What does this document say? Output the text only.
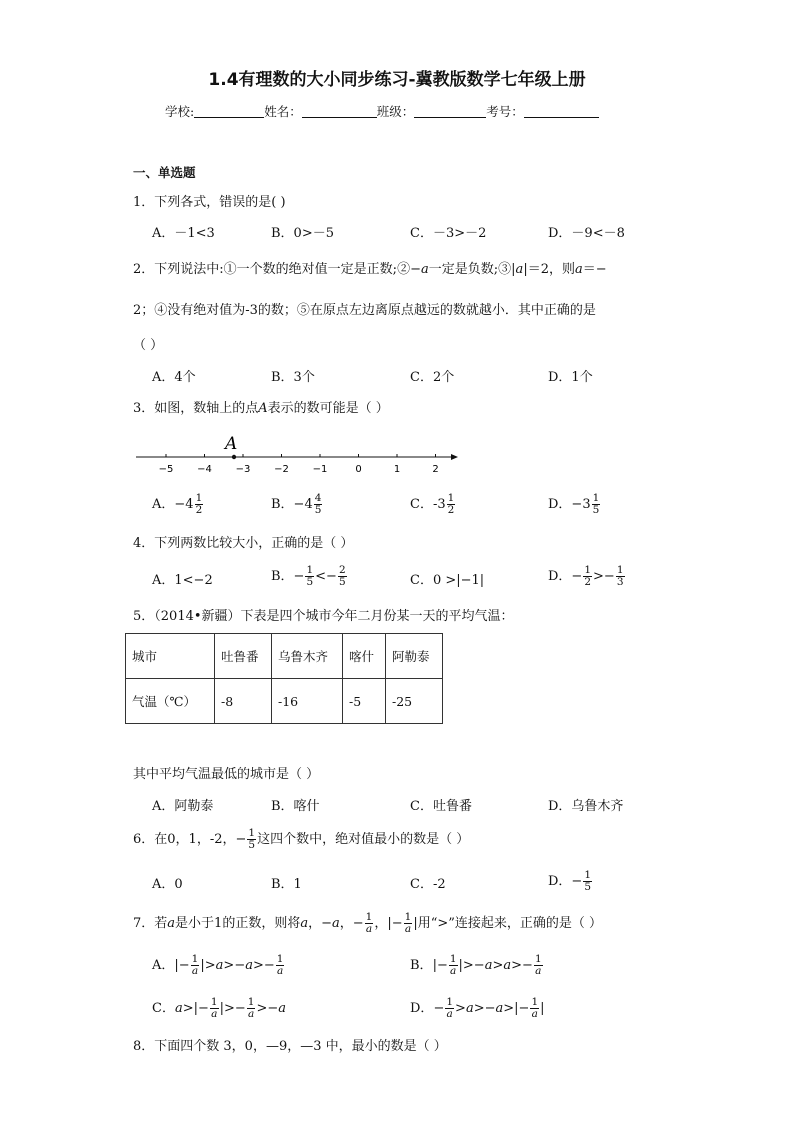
1.4有理数的大小同步练习-冀教版数学七年级上册
学校:	姓名：	班级：	考号：
一、单选题
1．下列各式，错误的是( )
A．－1<3	B．0>－5	C．－3>－2	D．－9<－8
2．下列说法中:①一个数的绝对值一定是正数;②−a一定是负数;③|a|＝2，则a＝−
2；④没有绝对值为-3的数；⑤在原点左边离原点越远的数就越小．其中正确的是
（ ）
A．4个	B．3个	C．2个	D．1个
3．如图，数轴上的点A表示的数可能是（ ）
−5 −4 −3 −2 −1	0	1	2
A
A．$-4 \frac{1}{2}$	B．$-4 \frac{4}{5}$	C．$-3 \frac{1}{2}$	D．$-3 \frac{1}{5}$
4．下列两数比较大小，正确的是（ ）
A．1<−2	B．− $\frac{1}{5} <- \frac{2}{5}$	C．0 >|−1|	D．− $\frac{1}{2} >- \frac{1}{3}$
5．（2014•新疆）下表是四个城市今年二月份某一天的平均气温：
城市	吐鲁番	乌鲁木齐	喀什	阿勒泰
气温（℃）	-8	-16	-5	-25
其中平均气温最低的城市是（ ）
A．阿勒泰	B．喀什	C．吐鲁番	D．乌鲁木齐
6．在0，1，-2，− $\frac{1}{5}$ 这四个数中，绝对值最小的数是（ ）
A．0	B．1	C．-2	D．− $\frac{1}{5}$
7．若a是小于1的正数，则将a，−a，− $\frac{1}{a}$ ，|− $\frac{1}{a}$ |用“>”连接起来，正确的是（ ）
A．|− $\frac{1}{a} |>a>-a>- \frac{1}{a}$	B．|− $\frac{1}{a} |>-a>a>- \frac{1}{a}$
C．$a>|- \frac{1}{a}$ |>− $\frac{1}{a} >-a$	D．− $\frac{1}{a} >a>-a>|- \frac{1}{a}$ |
8．下面四个数 3，0，—9，—3 中，最小的数是（ ）
